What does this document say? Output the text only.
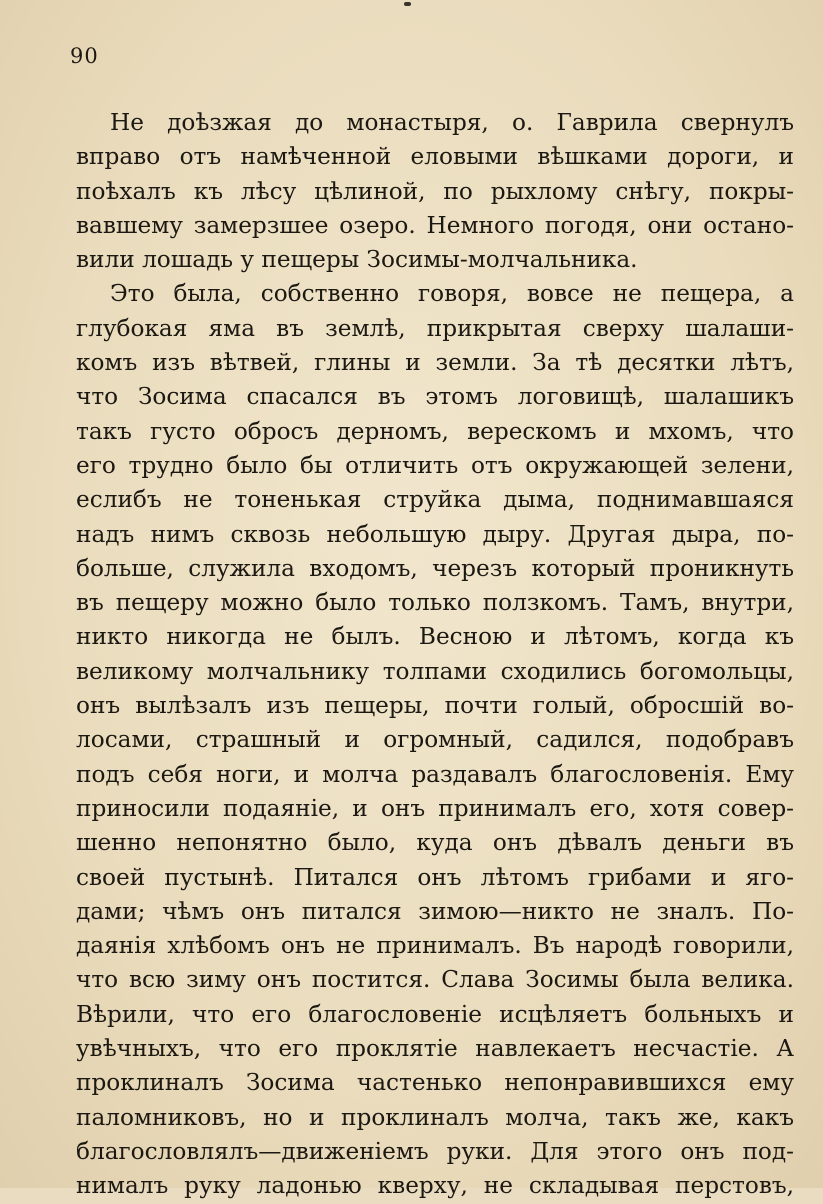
90
Не доѣзжая до монастыря, о. Гаврила свернулъ
вправо отъ намѣченной еловыми вѣшками дороги, и
поѣхалъ къ лѣсу цѣлиной, по рыхлому снѣгу, покры-
вавшему замерзшее озеро. Немного погодя, они остано-
вили лошадь у пещеры Зосимы-молчальника.
Это была, собственно говоря, вовсе не пещера, а
глубокая яма въ землѣ, прикрытая сверху шалаши-
комъ изъ вѣтвей, глины и земли. За тѣ десятки лѣтъ,
что Зосима спасался въ этомъ логовищѣ, шалашикъ
такъ густо обросъ дерномъ, верескомъ и мхомъ, что
его трудно было бы отличить отъ окружающей зелени,
еслибъ не тоненькая струйка дыма, поднимавшаяся
надъ нимъ сквозь небольшую дыру. Другая дыра, по-
больше, служила входомъ, черезъ который проникнуть
въ пещеру можно было только ползкомъ. Тамъ, внутри,
никто никогда не былъ. Весною и лѣтомъ, когда къ
великому молчальнику толпами сходились богомольцы,
онъ вылѣзалъ изъ пещеры, почти голый, обросшій во-
лосами, страшный и огромный, садился, подобравъ
подъ себя ноги, и молча раздавалъ благословенія. Ему
приносили подаяніе, и онъ принималъ его, хотя совер-
шенно непонятно было, куда онъ дѣвалъ деньги въ
своей пустынѣ. Питался онъ лѣтомъ грибами и яго-
дами; чѣмъ онъ питался зимою—никто не зналъ. По-
даянія хлѣбомъ онъ не принималъ. Въ народѣ говорили,
что всю зиму онъ постится. Слава Зосимы была велика.
Вѣрили, что его благословеніе исцѣляетъ больныхъ и
увѣчныхъ, что его проклятіе навлекаетъ несчастіе. А
проклиналъ Зосима частенько непонравившихся ему
паломниковъ, но и проклиналъ молча, такъ же, какъ
благословлялъ—движеніемъ руки. Для этого онъ под-
нималъ руку ладонью кверху, не складывая перстовъ,
